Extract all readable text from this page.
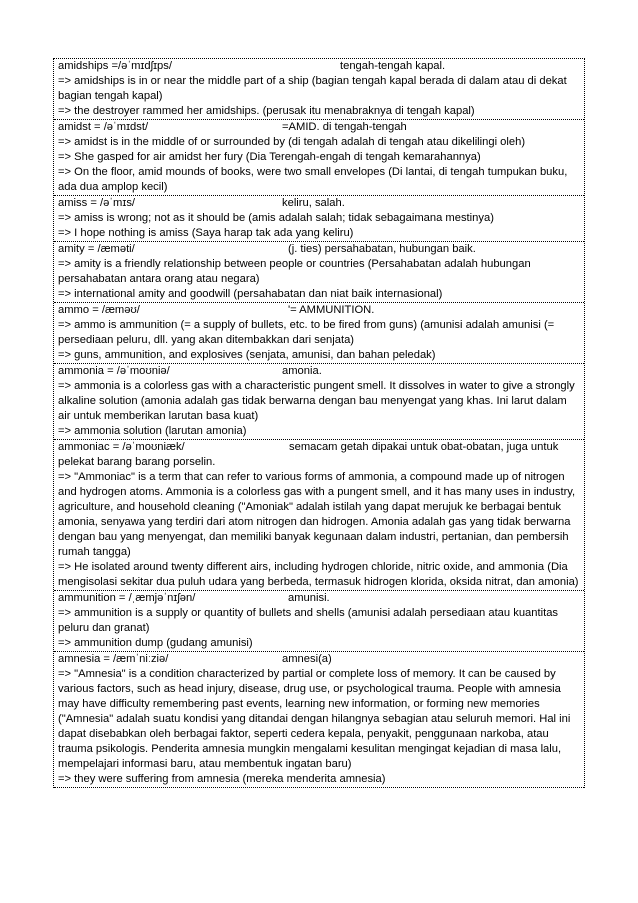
amidships =/əˈmɪdʃɪps/	tengah-tengah kapal.

=> amidships is in or near the middle part of a ship (bagian tengah kapal berada di dalam atau di dekat bagian tengah kapal)

=> the destroyer rammed her amidships. (perusak itu menabraknya di tengah kapal)

amidst = /əˈmɪdst/	=AMID. di tengah-tengah

=> amidst is in the middle of or surrounded by (di tengah adalah di tengah atau dikelilingi oleh)

=> She gasped for air amidst her fury (Dia Terengah-engah di tengah kemarahannya)

=> On the floor, amid mounds of books, were two small envelopes (Di lantai, di tengah tumpukan buku, ada dua amplop kecil)

amiss = /əˈmɪs/	keliru, salah.

=> amiss is wrong; not as it should be (amis adalah salah; tidak sebagaimana mestinya)

=> I hope nothing is amiss (Saya harap tak ada yang keliru)

amity = /æməti/	(j. ties) persahabatan, hubungan baik.

=> amity is a friendly relationship between people or countries (Persahabatan adalah hubungan persahabatan antara orang atau negara)

=> international amity and goodwill (persahabatan dan niat baik internasional)

ammo = /æməʊ/	'= AMMUNITION.

=> ammo is ammunition (= a supply of bullets, etc. to be fired from guns) (amunisi adalah amunisi (= persediaan peluru, dll. yang akan ditembakkan dari senjata)

=> guns, ammunition, and explosives (senjata, amunisi, dan bahan peledak)

ammonia = /əˈmoʊniə/	amonia.

=> ammonia is a colorless gas with a characteristic pungent smell. It dissolves in water to give a strongly alkaline solution (amonia adalah gas tidak berwarna dengan bau menyengat yang khas. Ini larut dalam air untuk memberikan larutan basa kuat)

=> ammonia solution (larutan amonia)

ammoniac = /əˈmoʊniæk/	semacam getah dipakai untuk obat-obatan, juga untuk

pelekat barang barang porselin.

=> "Ammoniac" is a term that can refer to various forms of ammonia, a compound made up of nitrogen and hydrogen atoms. Ammonia is a colorless gas with a pungent smell, and it has many uses in industry, agriculture, and household cleaning ("Amoniak" adalah istilah yang dapat merujuk ke berbagai bentuk amonia, senyawa yang terdiri dari atom nitrogen dan hidrogen. Amonia adalah gas yang tidak berwarna dengan bau yang menyengat, dan memiliki banyak kegunaan dalam industri, pertanian, dan pembersih rumah tangga)

=> He isolated around twenty different airs, including hydrogen chloride, nitric oxide, and ammonia (Dia mengisolasi sekitar dua puluh udara yang berbeda, termasuk hidrogen klorida, oksida nitrat, dan amonia)

ammunition = /ˌæmjəˈnɪʃən/	amunisi.

=> ammunition is a supply or quantity of bullets and shells (amunisi adalah persediaan atau kuantitas peluru dan granat)

=> ammunition dump (gudang amunisi)

amnesia = /æmˈniːziə/	amnesi(a)

=> "Amnesia" is a condition characterized by partial or complete loss of memory. It can be caused by various factors, such as head injury, disease, drug use, or psychological trauma. People with amnesia may have difficulty remembering past events, learning new information, or forming new memories ("Amnesia" adalah suatu kondisi yang ditandai dengan hilangnya sebagian atau seluruh memori. Hal ini dapat disebabkan oleh berbagai faktor, seperti cedera kepala, penyakit, penggunaan narkoba, atau trauma psikologis. Penderita amnesia mungkin mengalami kesulitan mengingat kejadian di masa lalu, mempelajari informasi baru, atau membentuk ingatan baru)

=> they were suffering from amnesia (mereka menderita amnesia)
